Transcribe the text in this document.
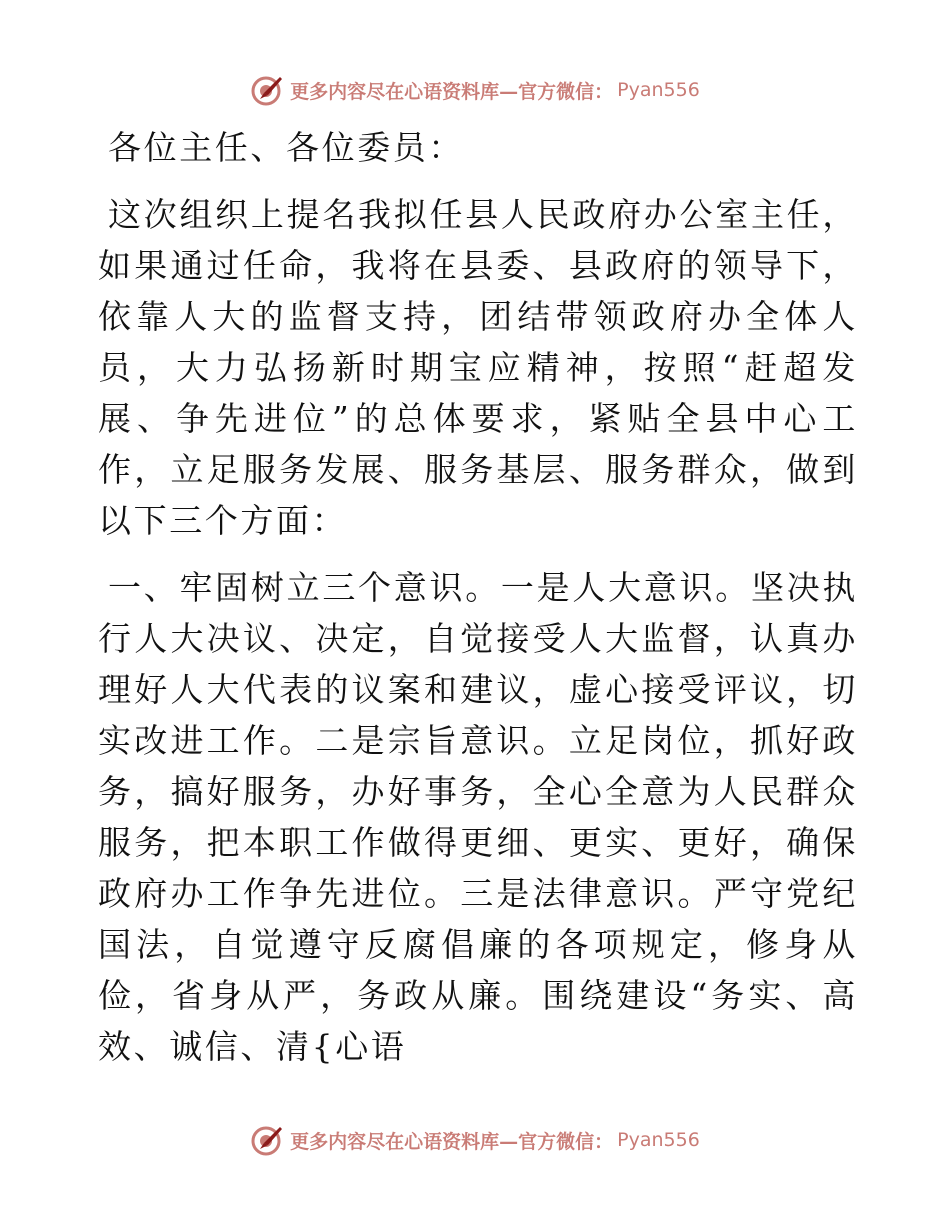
更多内容尽在心语资料库—官方微信： Pyan556

各位主任、各位委员：

这次组织上提名我拟任县人民政府办公室主任，如果通过任命，我将在县委、县政府的领导下，依靠人大的监督支持，团结带领政府办全体人员，大力弘扬新时期宝应精神，按照“赶超发展、争先进位”的总体要求，紧贴全县中心工作，立足服务发展、服务基层、服务群众，做到以下三个方面：

一、牢固树立三个意识。一是人大意识。坚决执行人大决议、决定，自觉接受人大监督，认真办理好人大代表的议案和建议，虚心接受评议，切实改进工作。二是宗旨意识。立足岗位，抓好政务，搞好服务，办好事务，全心全意为人民群众服务，把本职工作做得更细、更实、更好，确保政府办工作争先进位。三是法律意识。严守党纪国法，自觉遵守反腐倡廉的各项规定，修身从俭，省身从严，务政从廉。围绕建设“务实、高效、诚信、清{心语

更多内容尽在心语资料库—官方微信： Pyan556
